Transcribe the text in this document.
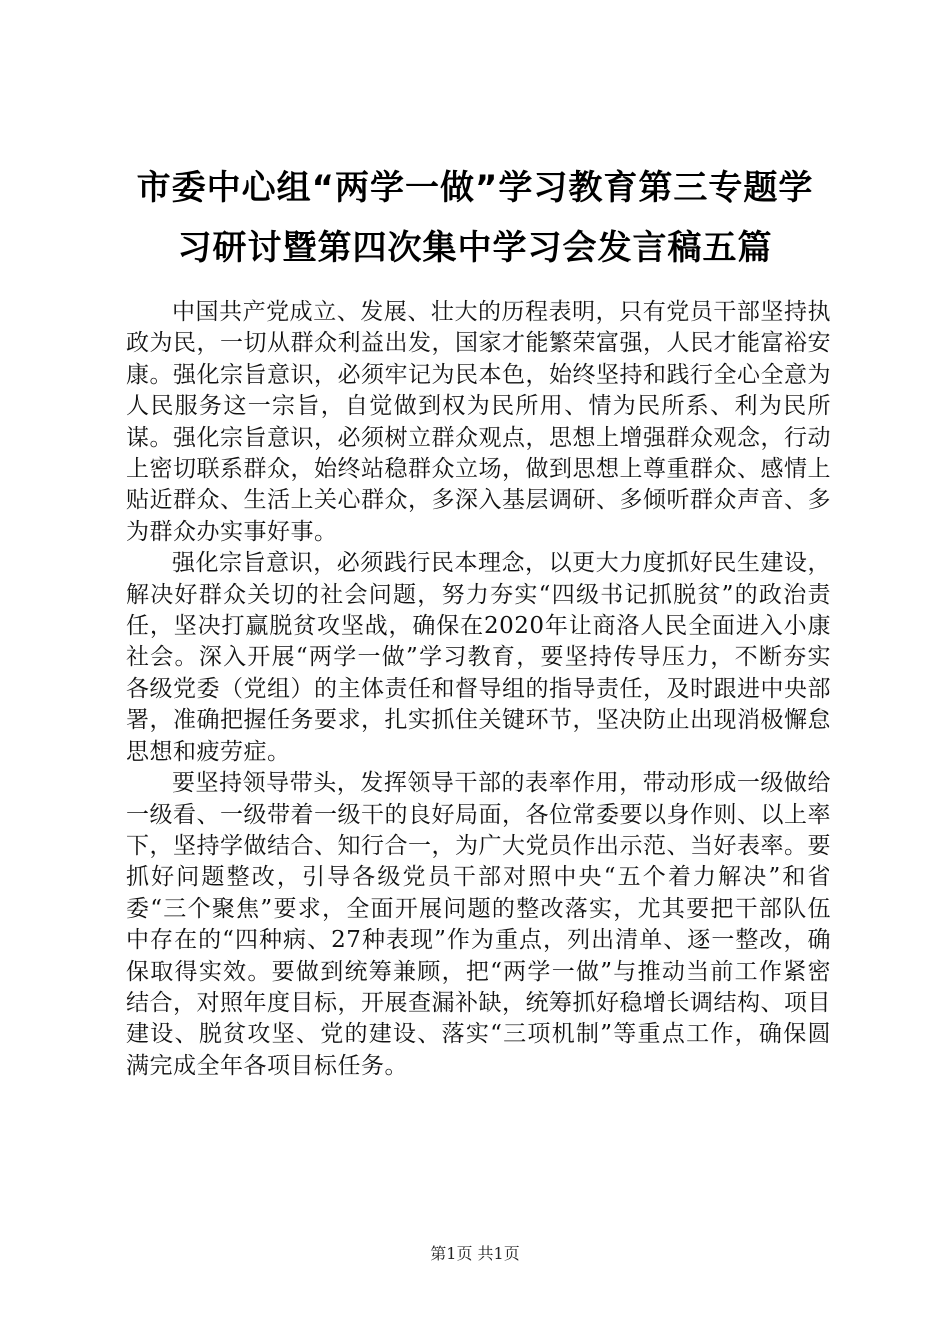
市委中心组“两学一做”学习教育第三专题学
习研讨暨第四次集中学习会发言稿五篇

中国共产党成立、发展、壮大的历程表明，只有党员干部坚持执政为民，一切从群众利益出发，国家才能繁荣富强，人民才能富裕安康。强化宗旨意识，必须牢记为民本色，始终坚持和践行全心全意为人民服务这一宗旨，自觉做到权为民所用、情为民所系、利为民所谋。强化宗旨意识，必须树立群众观点，思想上增强群众观念，行动上密切联系群众，始终站稳群众立场，做到思想上尊重群众、感情上贴近群众、生活上关心群众，多深入基层调研、多倾听群众声音、多为群众办实事好事。

强化宗旨意识，必须践行民本理念，以更大力度抓好民生建设，解决好群众关切的社会问题，努力夯实“四级书记抓脱贫”的政治责任，坚决打赢脱贫攻坚战，确保在2020年让商洛人民全面进入小康社会。深入开展“两学一做”学习教育，要坚持传导压力，不断夯实各级党委（党组）的主体责任和督导组的指导责任，及时跟进中央部署，准确把握任务要求，扎实抓住关键环节，坚决防止出现消极懈怠思想和疲劳症。

要坚持领导带头，发挥领导干部的表率作用，带动形成一级做给一级看、一级带着一级干的良好局面，各位常委要以身作则、以上率下，坚持学做结合、知行合一，为广大党员作出示范、当好表率。要抓好问题整改，引导各级党员干部对照中央“五个着力解决”和省委“三个聚焦”要求，全面开展问题的整改落实，尤其要把干部队伍中存在的“四种病、27种表现”作为重点，列出清单、逐一整改，确保取得实效。要做到统筹兼顾，把“两学一做”与推动当前工作紧密结合，对照年度目标，开展查漏补缺，统筹抓好稳增长调结构、项目建设、脱贫攻坚、党的建设、落实“三项机制”等重点工作，确保圆满完成全年各项目标任务。

第1页 共1页
